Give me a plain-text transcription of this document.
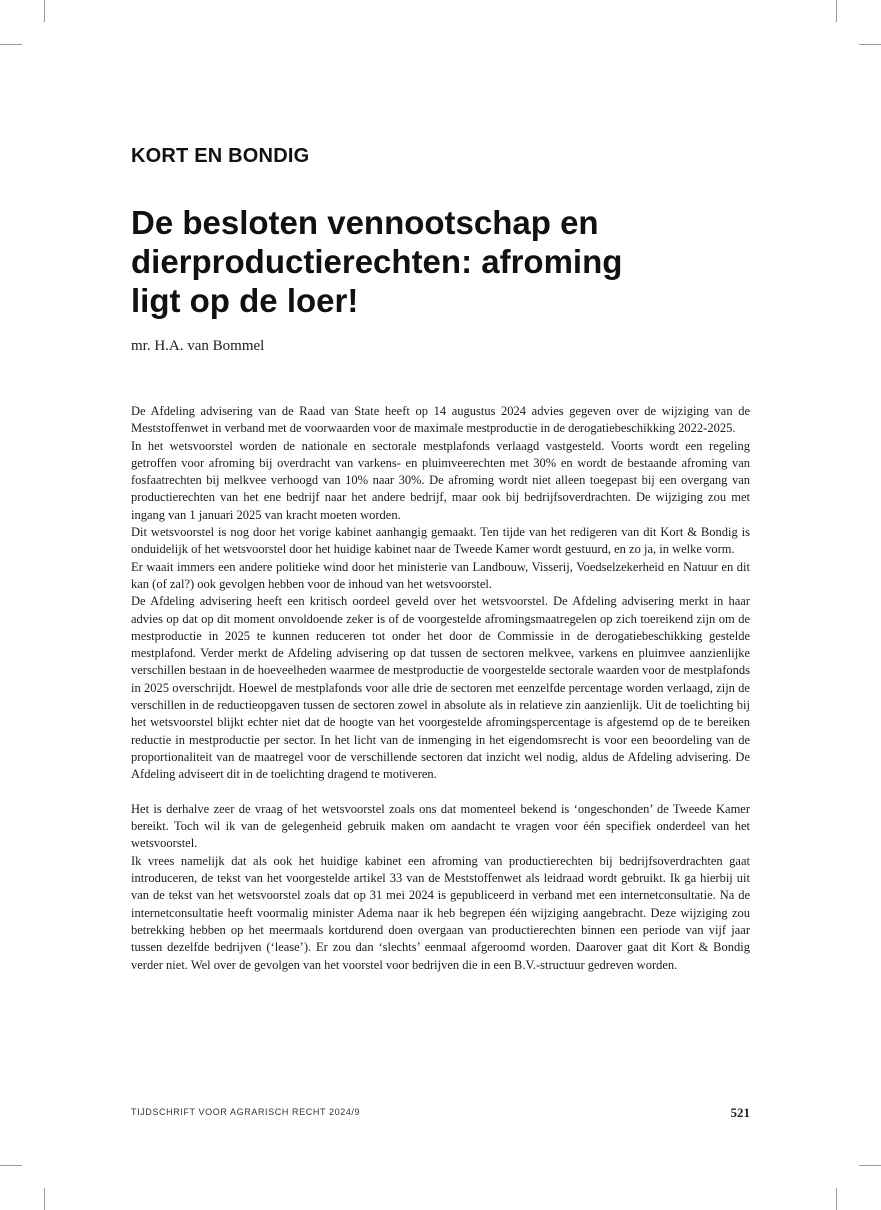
KORT EN BONDIG
De besloten vennootschap en
dierproductierechten: afroming
ligt op de loer!
mr. H.A. van Bommel

De Afdeling advisering van de Raad van State heeft op 14 augustus 2024 advies gegeven over de wijziging van de Meststoffenwet in verband met de voorwaarden voor de maximale mestproductie in de derogatiebeschikking 2022-2025.

In het wetsvoorstel worden de nationale en sectorale mestplafonds verlaagd vastgesteld. Voorts wordt een regeling getroffen voor afroming bij overdracht van varkens- en pluimveerechten met 30% en wordt de bestaande afroming van fosfaatrechten bij melkvee verhoogd van 10% naar 30%. De afroming wordt niet alleen toegepast bij een overgang van productierechten van het ene bedrijf naar het andere bedrijf, maar ook bij bedrijfsoverdrachten. De wijziging zou met ingang van 1 januari 2025 van kracht moeten worden.

Dit wetsvoorstel is nog door het vorige kabinet aanhangig gemaakt. Ten tijde van het redigeren van dit Kort & Bondig is onduidelijk of het wetsvoorstel door het huidige kabinet naar de Tweede Kamer wordt gestuurd, en zo ja, in welke vorm.

Er waait immers een andere politieke wind door het ministerie van Landbouw, Visserij, Voedselzekerheid en Natuur en dit kan (of zal?) ook gevolgen hebben voor de inhoud van het wetsvoorstel.

De Afdeling advisering heeft een kritisch oordeel geveld over het wetsvoorstel. De Afdeling advisering merkt in haar advies op dat op dit moment onvoldoende zeker is of de voorgestelde afromingsmaatregelen op zich toereikend zijn om de mestproductie in 2025 te kunnen reduceren tot onder het door de Commissie in de derogatiebeschikking gestelde mestplafond. Verder merkt de Afdeling advisering op dat tussen de sectoren melkvee, varkens en pluimvee aanzienlijke verschillen bestaan in de hoeveelheden waarmee de mestproductie de voorgestelde sectorale waarden voor de mestplafonds in 2025 overschrijdt. Hoewel de mestplafonds voor alle drie de sectoren met eenzelfde percentage worden verlaagd, zijn de verschillen in de reductieopgaven tussen de sectoren zowel in absolute als in relatieve zin aanzienlijk. Uit de toelichting bij het wetsvoorstel blijkt echter niet dat de hoogte van het voorgestelde afromingspercentage is afgestemd op de te bereiken reductie in mestproductie per sector. In het licht van de inmenging in het eigendomsrecht is voor een beoordeling van de proportionaliteit van de maatregel voor de verschillende sectoren dat inzicht wel nodig, aldus de Afdeling advisering. De Afdeling adviseert dit in de toelichting dragend te motiveren.

Het is derhalve zeer de vraag of het wetsvoorstel zoals ons dat momenteel bekend is ‘ongeschonden’ de Tweede Kamer bereikt. Toch wil ik van de gelegenheid gebruik maken om aandacht te vragen voor één specifiek onderdeel van het wetsvoorstel.

Ik vrees namelijk dat als ook het huidige kabinet een afroming van productierechten bij bedrijfsoverdrachten gaat introduceren, de tekst van het voorgestelde artikel 33 van de Meststoffenwet als leidraad wordt gebruikt. Ik ga hierbij uit van de tekst van het wetsvoorstel zoals dat op 31 mei 2024 is gepubliceerd in verband met een internetconsultatie. Na de internetconsultatie heeft voormalig minister Adema naar ik heb begrepen één wijziging aangebracht. Deze wijziging zou betrekking hebben op het meermaals kortdurend doen overgaan van productierechten binnen een periode van vijf jaar tussen dezelfde bedrijven (‘lease’). Er zou dan ‘slechts’ eenmaal afgeroomd worden. Daarover gaat dit Kort & Bondig verder niet. Wel over de gevolgen van het voorstel voor bedrijven die in een B.V.-structuur gedreven worden.

TIJDSCHRIFT VOOR AGRARISCH RECHT 2024/9	521
